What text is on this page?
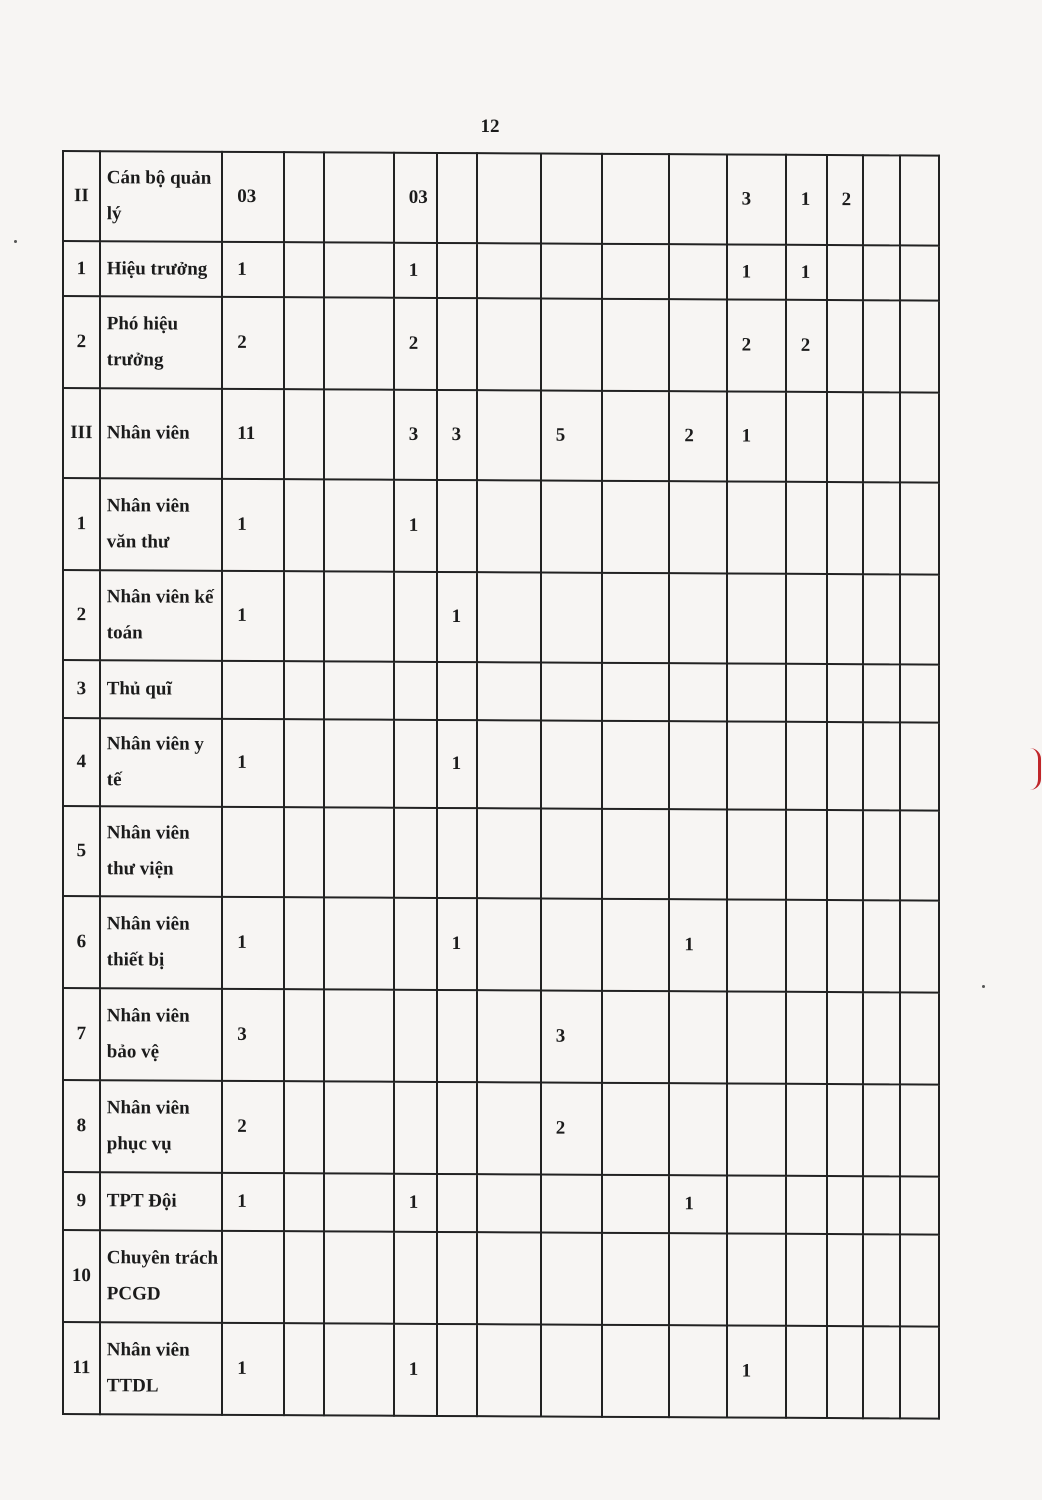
12
II	Cán bộ quản lý	03			03						3	1	2		
1	Hiệu trưởng	1			1						1	1			
2	Phó hiệu trưởng	2			2						2	2			
III	Nhân viên	11			3	3		5		2	1				
1	Nhân viên văn thư	1			1										
2	Nhân viên kế toán	1				1									
3	Thủ quĩ														
4	Nhân viên y tế	1				1									
5	Nhân viên thư viện														
6	Nhân viên thiết bị	1				1				1					
7	Nhân viên bảo vệ	3						3							
8	Nhân viên phục vụ	2						2							
9	TPT Đội	1			1					1					
10	Chuyên trách PCGD														
11	Nhân viên TTDL	1			1						1				
